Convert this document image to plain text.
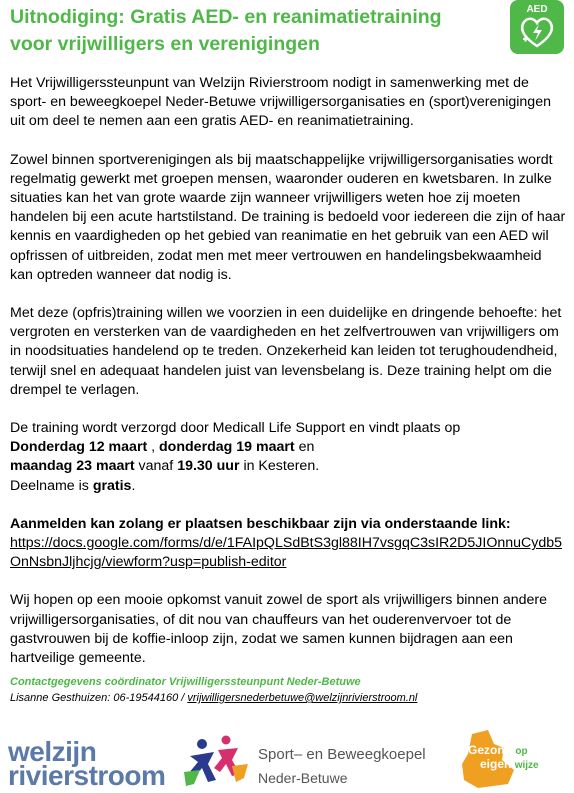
Uitnodiging: Gratis AED- en reanimatietraining
voor vrijwilligers en verenigingen
AED

Het Vrijwilligerssteunpunt van Welzijn Rivierstroom nodigt in samenwerking met de sport- en beweegkoepel Neder-Betuwe vrijwilligersorganisaties en (sport)verenigingen uit om deel te nemen aan een gratis AED- en reanimatietraining.

Zowel binnen sportverenigingen als bij maatschappelijke vrijwilligersorganisaties wordt regelmatig gewerkt met groepen mensen, waaronder ouderen en kwetsbaren. In zulke situaties kan het van grote waarde zijn wanneer vrijwilligers weten hoe zij moeten handelen bij een acute hartstilstand. De training is bedoeld voor iedereen die zijn of haar kennis en vaardigheden op het gebied van reanimatie en het gebruik van een AED wil opfrissen of uitbreiden, zodat men met meer vertrouwen en handelingsbekwaamheid kan optreden wanneer dat nodig is.

Met deze (opfris)training willen we voorzien in een duidelijke en dringende behoefte: het vergroten en versterken van de vaardigheden en het zelfvertrouwen van vrijwilligers om in noodsituaties handelend op te treden. Onzekerheid kan leiden tot terughoudendheid, terwijl snel en adequaat handelen juist van levensbelang is. Deze training helpt om die drempel te verlagen.

De training wordt verzorgd door Medicall Life Support en vindt plaats op
Donderdag 12 maart , donderdag 19 maart en
maandag 23 maart vanaf 19.30 uur in Kesteren.
Deelname is gratis.
Aanmelden kan zolang er plaatsen beschikbaar zijn via onderstaande link:
https://docs.google.com/forms/d/e/1FAIpQLSdBtS3gl88IH7vsgqC3sIR2D5JIOnnuCydb5OnNsbnJljhcjg/viewform?usp=publish-editor

Wij hopen op een mooie opkomst vanuit zowel de sport als vrijwilligers binnen andere vrijwilligersorganisaties, of dit nou van chauffeurs van het ouderenvervoer tot de gastvrouwen bij de koffie-inloop zijn, zodat we samen kunnen bijdragen aan een hartveilige gemeente.

Contactgegevens coördinator Vrijwilligerssteunpunt Neder-Betuwe
Lisanne Gesthuizen: 06-19544160 / vrijwilligersnederbetuwe@welzijnrivierstroom.nl
welzijn
rivierstroom
Sport– en Beweegkoepel
Neder-Betuwe
Gezond op
eigen wijze
